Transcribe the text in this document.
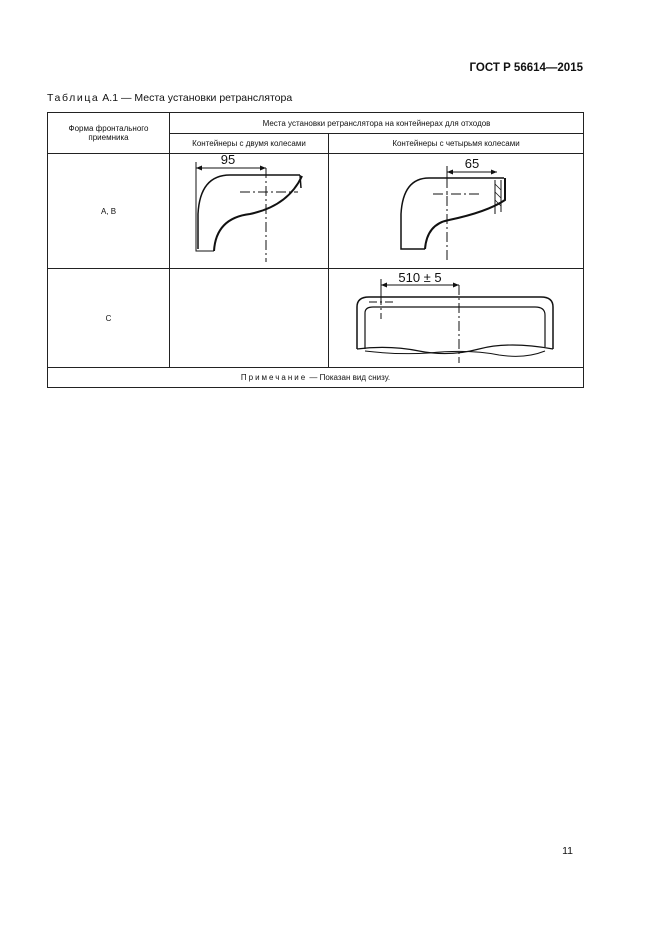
ГОСТ Р 56614—2015
Таблица А.1 — Места установки ретранслятора
Форма фронтального приемника	Места установки ретранслятора на контейнерах для отходов	
	Контейнеры с двумя колесами	Контейнеры с четырьмя колесами
А, В	95	65

С		510 ± 5

Примечание — Показан вид снизу.		
11
